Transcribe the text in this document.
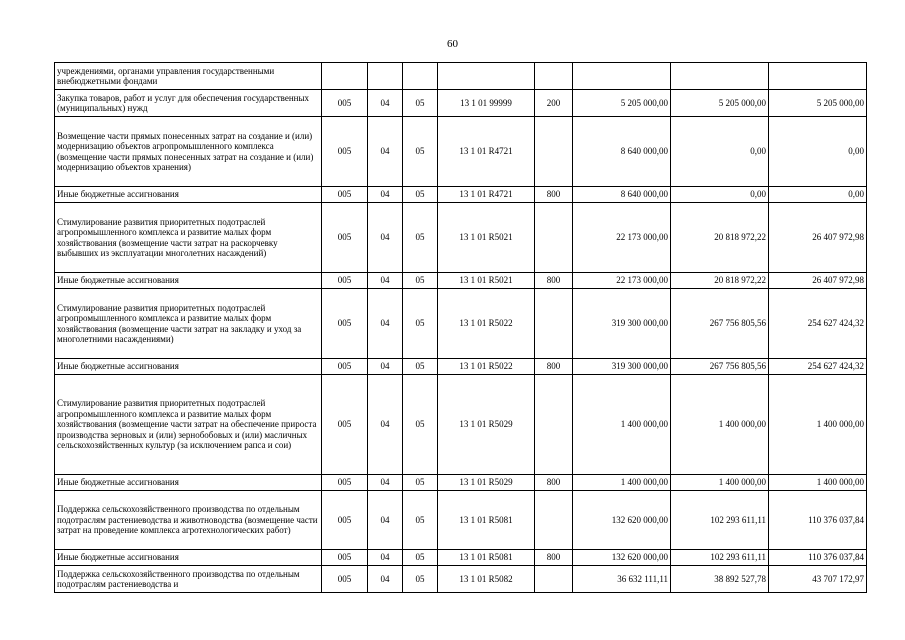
60
учреждениями, органами управления государственными внебюджетными фондами								
Закупка товаров, работ и услуг для обеспечения государственных (муниципальных) нужд	005	04	05	13 1 01 99999	200	5 205 000,00	5 205 000,00	5 205 000,00
Возмещение части прямых понесенных затрат на создание и (или) модернизацию объектов агропромышленного комплекса (возмещение части прямых понесенных затрат на создание и (или) модернизацию объектов хранения)	005	04	05	13 1 01 R4721		8 640 000,00	0,00	0,00
Иные бюджетные ассигнования	005	04	05	13 1 01 R4721	800	8 640 000,00	0,00	0,00
Стимулирование развития приоритетных подотраслей агропромышленного комплекса и развитие малых форм хозяйствования (возмещение части затрат на раскорчевку выбывших из эксплуатации многолетних насаждений)	005	04	05	13 1 01 R5021		22 173 000,00	20 818 972,22	26 407 972,98
Иные бюджетные ассигнования	005	04	05	13 1 01 R5021	800	22 173 000,00	20 818 972,22	26 407 972,98
Стимулирование развития приоритетных подотраслей агропромышленного комплекса и развитие малых форм хозяйствования (возмещение части затрат на закладку и уход за многолетними насаждениями)	005	04	05	13 1 01 R5022		319 300 000,00	267 756 805,56	254 627 424,32
Иные бюджетные ассигнования	005	04	05	13 1 01 R5022	800	319 300 000,00	267 756 805,56	254 627 424,32
Стимулирование развития приоритетных подотраслей агропромышленного комплекса и развитие малых форм хозяйствования (возмещение части затрат на обеспечение прироста производства зерновых и (или) зернобобовых и (или) масличных сельскохозяйственных культур (за исключением рапса и сои)	005	04	05	13 1 01 R5029		1 400 000,00	1 400 000,00	1 400 000,00
Иные бюджетные ассигнования	005	04	05	13 1 01 R5029	800	1 400 000,00	1 400 000,00	1 400 000,00
Поддержка сельскохозяйственного производства по отдельным подотраслям растениеводства и животноводства (возмещение части затрат на проведение комплекса агротехнологических работ)	005	04	05	13 1 01 R5081		132 620 000,00	102 293 611,11	110 376 037,84
Иные бюджетные ассигнования	005	04	05	13 1 01 R5081	800	132 620 000,00	102 293 611,11	110 376 037,84
Поддержка сельскохозяйственного производства по отдельным подотраслям растениеводства и	005	04	05	13 1 01 R5082		36 632 111,11	38 892 527,78	43 707 172,97
